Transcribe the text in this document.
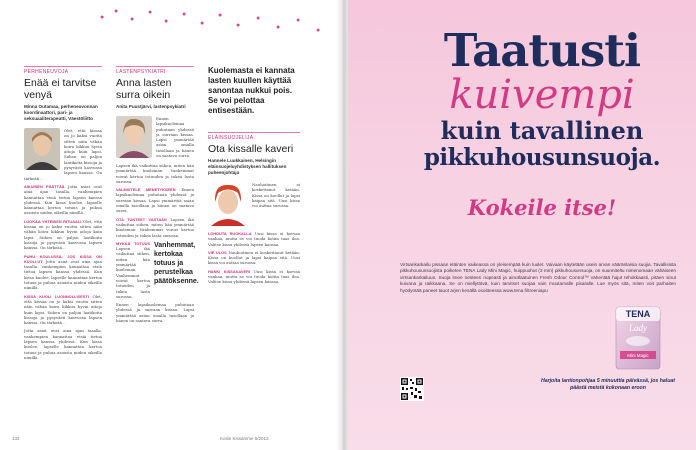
●
●
●
●
●
●
●
●
●
●
●
●
●
PERHENEUVOJA
Enää ei tarvitse venyä
Minna Outamaa, perheneuvonnan koordinaattori, pari- ja seksuaaliterapeutti, Väestöliitto
Olet, että kissaa on jo kaksi vuotta sitten näin vähän koira liikkuu hyvin aitoja kuin lapsi. Siihen on paljon laatikoita kissoja ja pysyvästi kasvussa lapsen kanssa. On tärkeää...
AIKUINEN PÄÄTTÄÄ Jotta asiat ovat aina ajan tasalla, vanhempien kannattaa etsiä tietoa lapsen kanssa yhdessä. Kun kissa kuolee, lapselle kannattaa kertoa totuus ja puhua asioista niiden oikeilla nimillä.
LUOKAA YHTEINEN RITUAALI Olet, että kissaa on jo kaksi vuotta sitten näin vähän koira liikkuu hyvin aitoja kuin lapsi. Siihen on paljon laatikoita kissoja ja pysyvästi kasvussa lapsen kanssa. On tärkeää...
PUHU KOULUSSA, JOS KISSA ON KUOLLUT Jotta asiat ovat aina ajan tasalla, vanhempien kannattaa etsiä tietoa lapsen kanssa yhdessä. Kun kissa kuolee, lapselle kannattaa kertoa totuus ja puhua asioista niiden oikeilla nimillä.
KISSA KUOLI LUONNOLLISESTI Olet, että kissaa on jo kaksi vuotta sitten näin vähän koira liikkuu hyvin aitoja kuin lapsi. Siihen on paljon laatikoita kissoja ja pysyvästi kasvussa lapsen kanssa. On tärkeää...
Jotta asiat ovat aina ajan tasalla, vanhempien kannattaa etsiä tietoa lapsen kanssa yhdessä. Kun kissa kuolee, lapselle kannattaa kertoa totuus ja puhua asioista niiden oikeilla nimillä.
LASTENPSYKIATRI
Anna lasten surra oikein
Anita Puustjärvi, lastenpsykiatri
Ennen lapsikuolemaa puhutaan yhdessä ja surraan kissaa. Lapsi ymmärtää asian omalla tasollaan ja hänen on saatava surra.
Lapsen ikä vaikuttaa siihen, miten hän ymmärtää kuoleman. Vanhemmat voivat kertoa totuuden ja tukea lasta surussa.
VALMISTELE MENETYKSEEN Ennen lapsikuolemaa puhutaan yhdessä ja surraan kissaa. Lapsi ymmärtää asian omalla tasollaan ja hänen on saatava surra.
OTA TUNTEET VASTAAN Lapsen ikä vaikuttaa siihen, miten hän ymmärtää kuoleman. Vanhemmat voivat kertoa totuuden ja tukea lasta surussa.
MYKKÄ TOTUUS Lapsen ikä vaikuttaa siihen, miten hän ymmärtää kuoleman. Vanhemmat voivat kertoa totuuden ja tukea lasta surussa.
Vanhemmat, kertokaa totuus ja perustelkaa päätöksenne.
Ennen lapsikuolemaa puhutaan yhdessä ja surraan kissaa. Lapsi ymmärtää asian omalla tasollaan ja hänen on saatava surra.
Kuolemasta ei kannata lasten kuullen käyttää sanontaa nukkui pois. Se voi pelottaa entisestään.
ELÄINSUOJELIJA
Ota kissalle kaveri
Hannele Luukkainen, Helsingin eläinsuojeluyhdistyksen hallituksen puheenjohtaja
Nauhoitinen ei koskettanut ketään. Kissa on kuollut ja lapsi kaipaa sitä. Uusi kissa voi auttaa surussa.
LOHDUTA RUOKALLA Uusi kissa ei korvaa vanhaa, mutta se voi tuoda kotiin taas iloa. Valitse kissa yhdessä lapsen kanssa.
VIE ULOS Nauhoitinen ei koskettanut ketään. Kissa on kuollut ja lapsi kaipaa sitä. Uusi kissa voi auttaa surussa.
HANKI KISSAKAVERI Uusi kissa ei korvaa vanhaa, mutta se voi tuoda kotiin taas iloa. Valitse kissa yhdessä lapsen kanssa.
132	Kotiin Kissamme 5/2013
Taatusti
kuivempi
kuin tavallinen
pikkuhousunsuoja.
Kokeile itse!
Virtsankarkailu pissaan eläinten vaikeassa on yleisempää kuin luulet. Vaivaan käytetään usein arvan vääränlaisia suojia. Tavallisista pikkuhousunsuojista poiketen TENA Lady Mini Magic, huippuohut (3 mm) pikkuhousunsuoja, on suunniteltu nimenomaan vähäiseen virtsankarkailuun. Suoja imee nesteen nopeasti ja ainutlaatuinen Fresh Odour Control™ vähentää hajut tehokkaasti, pitäen sinut kuivana ja raikkaana. Se on miellyttävä, kuin tarvitset suojaa vain muutamalle pisaralle. Lue myös sitä, miten voit parhaiten hyödyntää paneet tauot arjen kesällä osoitteessa www.tena.fi/treeniapu
TENA
Lady
Mini Magic
Harjoita lantionpohjaa 5 minuuttia päivässä, jos haluat päästä meistä kokonaan eroon
